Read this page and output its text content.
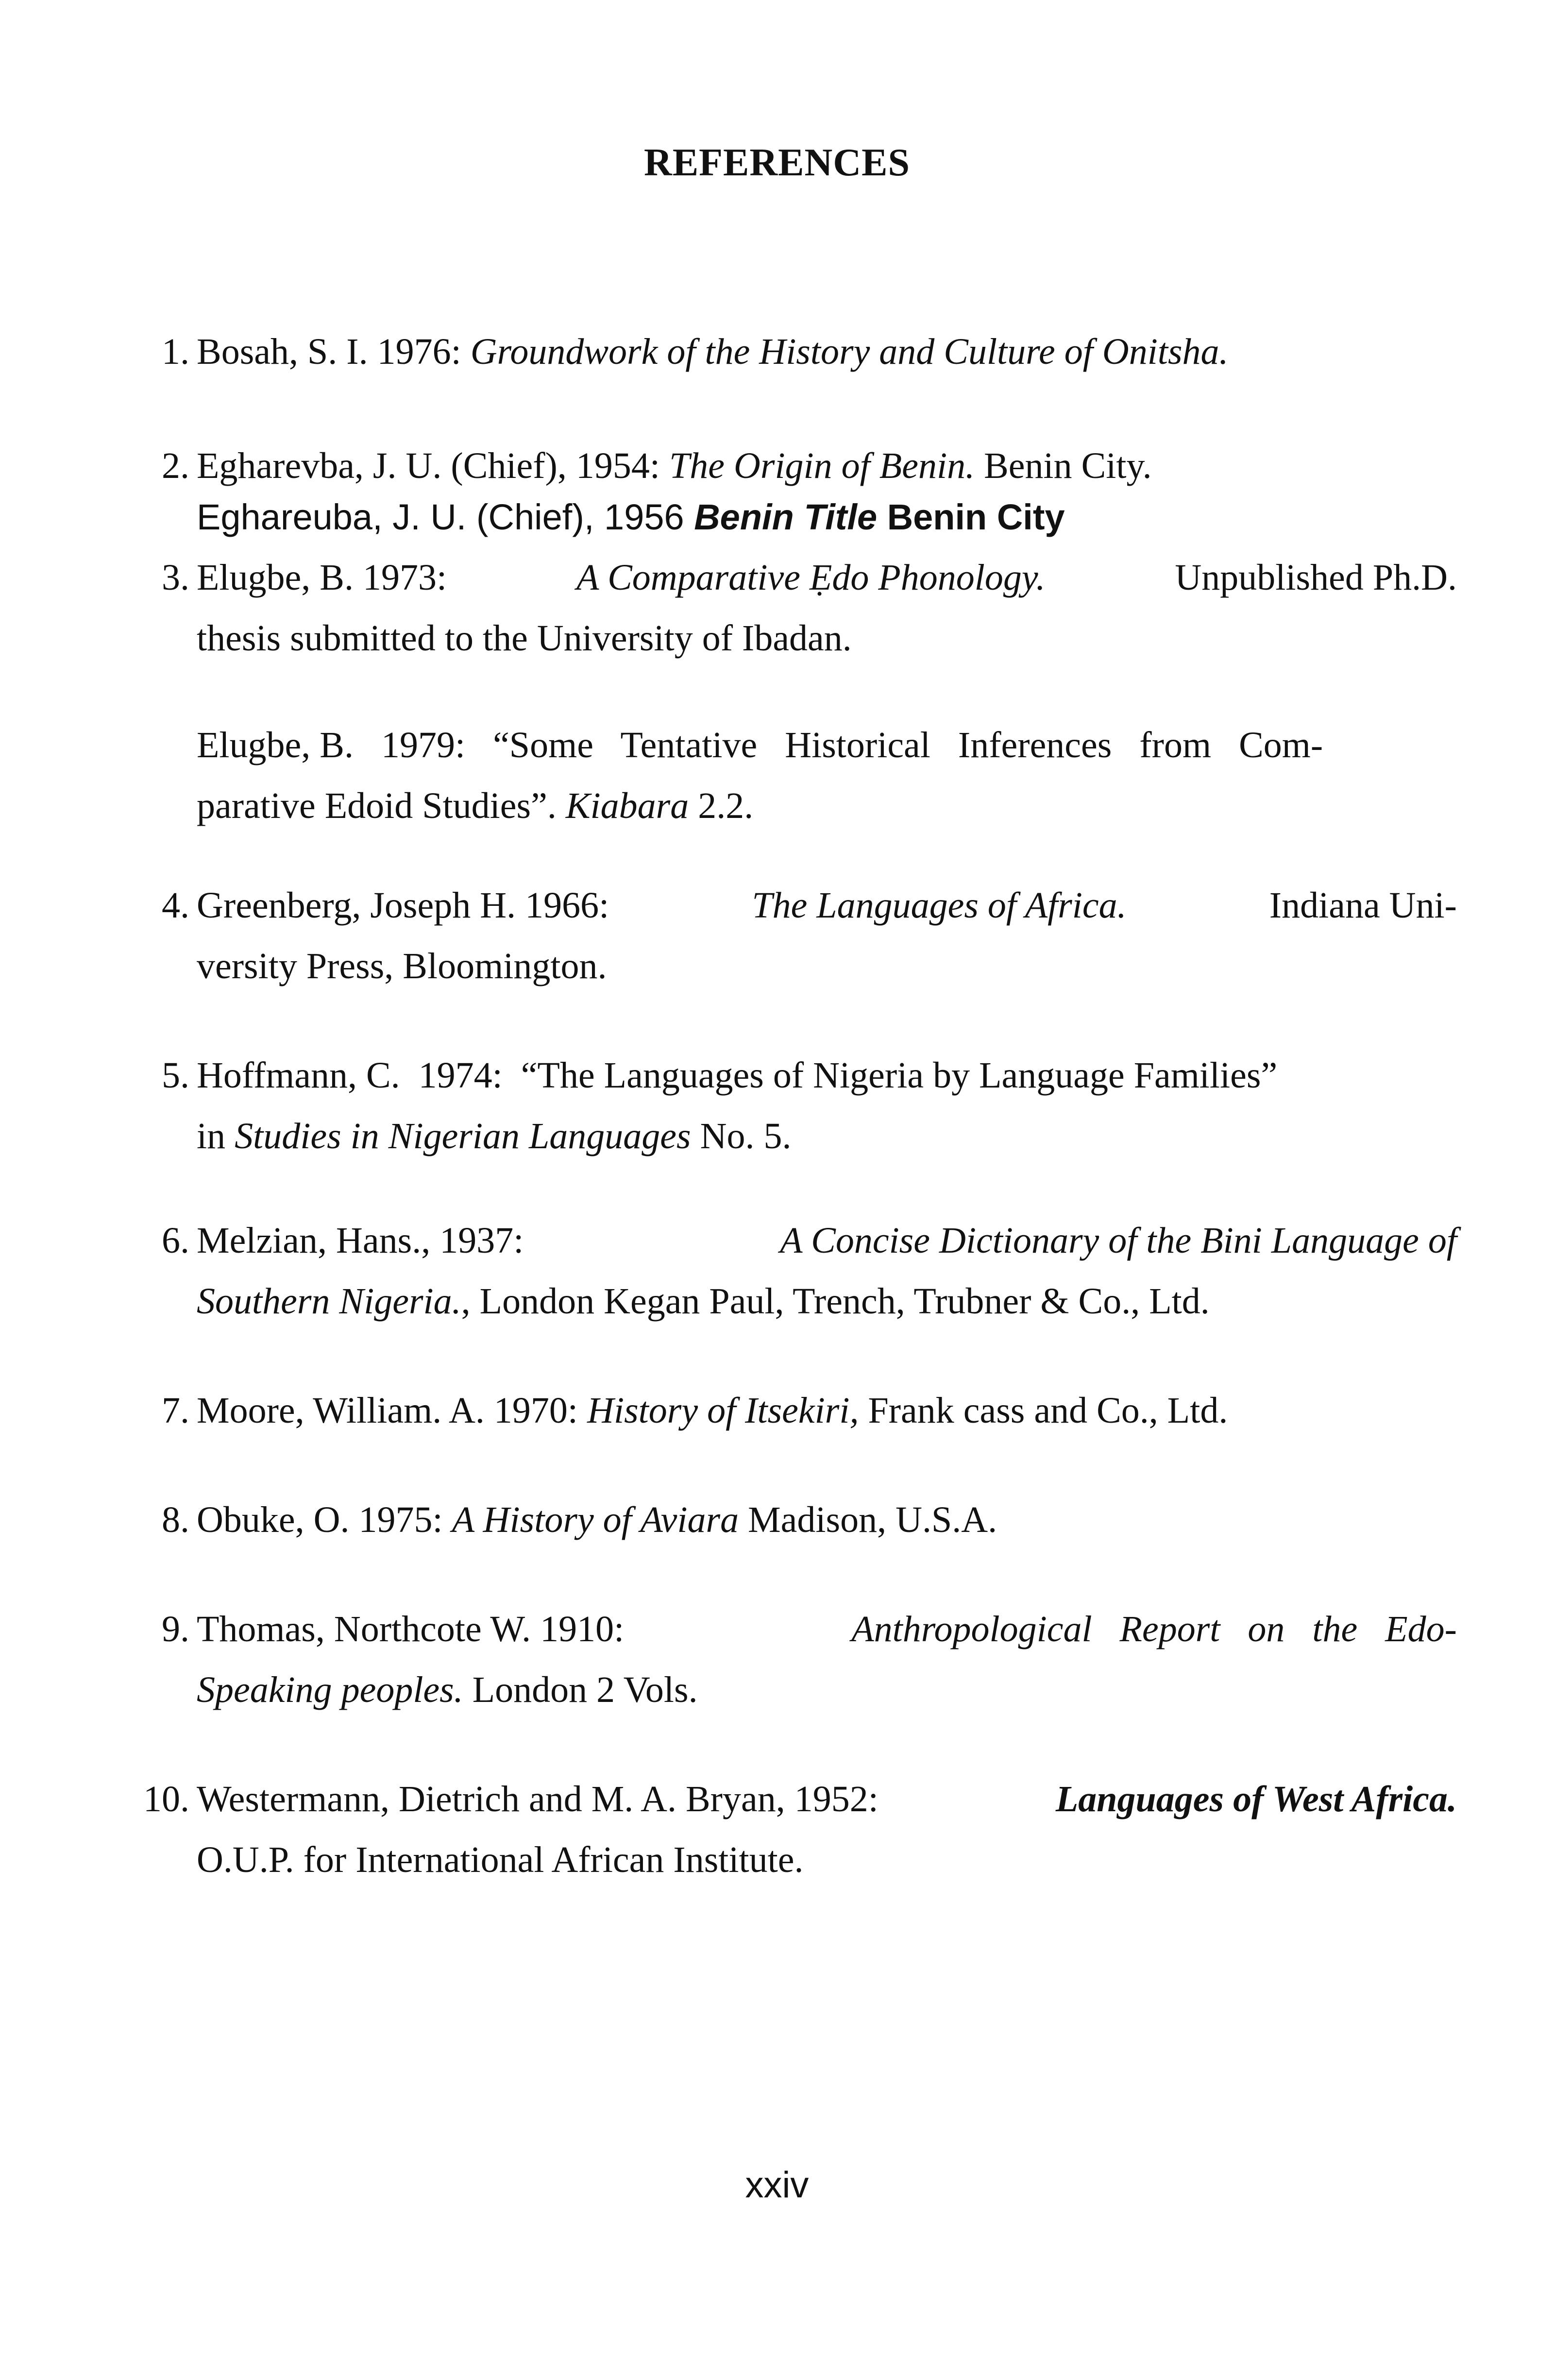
REFERENCES
1. Bosah, S. I. 1976: Groundwork of the History and Culture of Onitsha.
2. Egharevba, J. U. (Chief), 1954: The Origin of Benin. Benin City.
Eghareuba, J. U. (Chief), 1956 Benin Title Benin City
3. Elugbe, B. 1973:	A Comparative Ẹdo Phonology.	Unpublished Ph.D.
thesis submitted to the University of Ibadan.
Elugbe, B.   1979:   “Some   Tentative   Historical   Inferences   from   Com-
parative Edoid Studies”. Kiabara 2.2.
4. Greenberg, Joseph H. 1966:	The Languages of Africa.	Indiana Uni-
versity Press, Bloomington.
5. Hoffmann, C.  1974:  “The Languages of Nigeria by Language Families”
in Studies in Nigerian Languages No. 5.
6. Melzian, Hans., 1937:	A Concise Dictionary of the Bini Language of
Southern Nigeria., London Kegan Paul, Trench, Trubner & Co., Ltd.
7. Moore, William. A. 1970: History of Itsekiri, Frank cass and Co., Ltd.
8. Obuke, O. 1975: A History of Aviara Madison, U.S.A.
9. Thomas, Northcote W. 1910:	Anthropological   Report   on   the   Edo-
Speaking peoples. London 2 Vols.
10. Westermann, Dietrich and M. A. Bryan, 1952:	Languages of West Africa.
O.U.P. for International African Institute.
xxiv
